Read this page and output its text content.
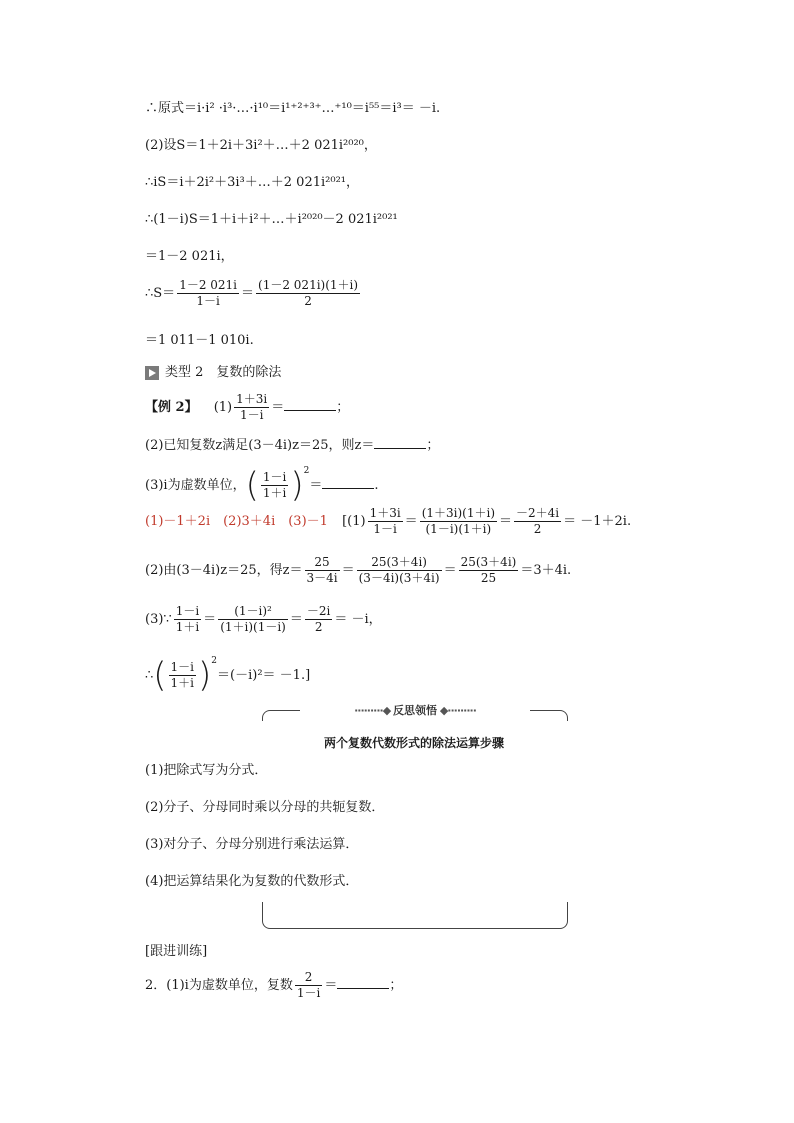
∴原式＝i·i² ·i³·…·i¹⁰＝i¹⁺²⁺³⁺…⁺¹⁰＝i⁵⁵＝i³＝ －i.
(2)设S＝1＋2i＋3i²＋…＋2 021i²⁰²⁰，
∴iS＝i＋2i²＋3i³＋…＋2 021i²⁰²¹，
∴(1－i)S＝1＋i＋i²＋…＋i²⁰²⁰－2 021i²⁰²¹
＝1－2 021i，
∴S＝ $\frac{1-2 021i}{1-i} = \frac{(1-2 021i)(1+i)}{2}$
＝1 011－1 010i.
类型 2　复数的除法
【例 2】 $(1) \frac{1+3i}{1-i}$ ＝	；
(2)已知复数z满足(3－4i)z＝25，则z＝	；
(3)i为虚数单位，( $\frac{1-i}{1+i} )^2=$	.
(1)－1＋2i　(2)3＋4i　(3)－1 [$(1) \frac{1+3i}{1-i} = \frac{(1+3i)(1+i)}{(1-i)(1+i)} = \frac{-2+4i}{2} = -1+2i$.
(2)由(3－4i)z＝25，得$z= \frac{25}{3-4i} = \frac{25(3+4i)}{(3-4i)(3+4i)} = \frac{25(3+4i)}{25} =3+4i$.
(3)∵ $\frac{1-i}{1+i} = \frac{\text{(1－i)²}}{(1+i)(1-i)} = \frac{-2i}{2} = -i$，
∴( $\frac{1-i}{1+i} )^2=(-i)^2= -1$.]
·········◆ 反思领悟 ◆·········
两个复数代数形式的除法运算步骤
(1)把除式写为分式．
(2)分子、分母同时乘以分母的共轭复数．
(3)对分子、分母分别进行乘法运算．
(4)把运算结果化为复数的代数形式．
[跟进训练]
2．(1)i为虚数单位，复数 $\frac{2}{1-i}$ ＝	；
